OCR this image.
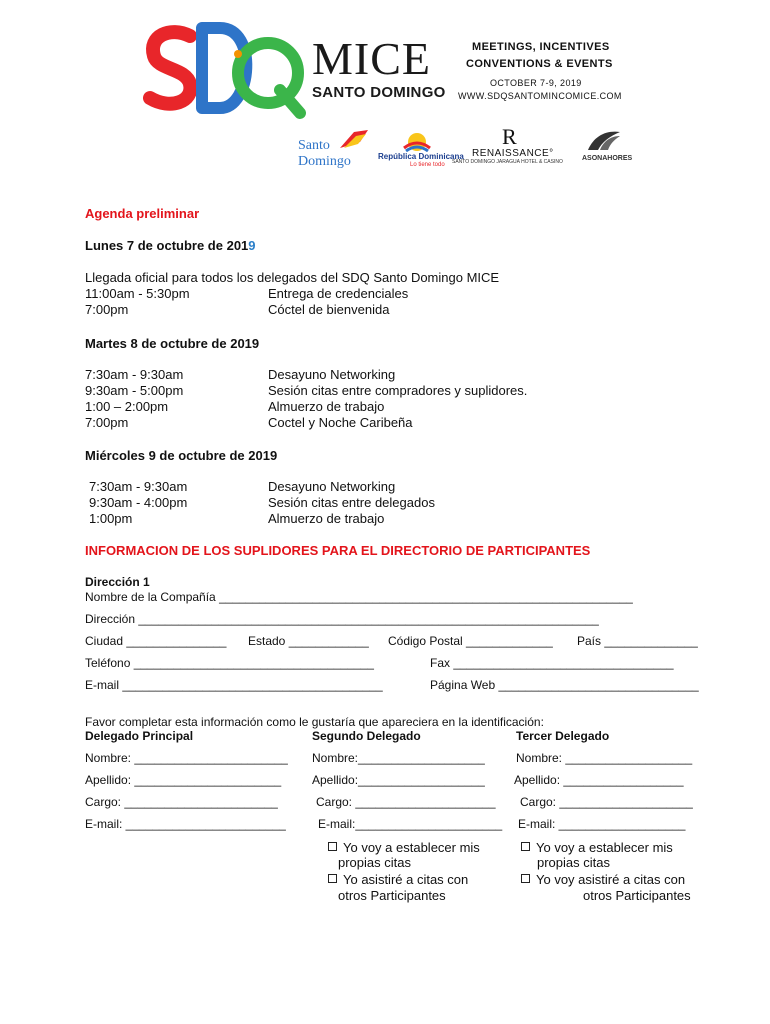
MICE
SANTO DOMINGO
MEETINGS, INCENTIVES
CONVENTIONS & EVENTS
OCTOBER 7-9, 2019
WWW.SDQSANTOMINCOMICE.COM
Santo
Domingo	República Dominicana
Lo tiene todo
R
RENAISSANCE°
SANTO DOMINGO JARAGUA HOTEL & CASINO	ASONAHORES
Agenda preliminar
Lunes 7 de octubre de 2019
Llegada oficial para todos los delegados del SDQ Santo Domingo MICE
11:00am - 5:30pm	Entrega de credenciales
7:00pm	Cóctel de bienvenida
Martes 8 de octubre de 2019
7:30am - 9:30am	Desayuno Networking
9:30am - 5:00pm	Sesión citas entre compradores y suplidores.
1:00 – 2:00pm	Almuerzo de trabajo
7:00pm	Coctel y Noche Caribeña
Miércoles 9 de octubre de 2019
7:30am - 9:30am	Desayuno Networking
9:30am - 4:00pm	Sesión citas entre delegados
1:00pm	Almuerzo de trabajo
INFORMACION DE LOS SUPLIDORES PARA EL DIRECTORIO DE PARTICIPANTES
Dirección 1
Nombre de la Compañía ______________________________________________________________
Dirección _____________________________________________________________________
Ciudad _______________ Estado ____________ Código Postal _____________ País ______________
Teléfono ____________________________________	Fax _________________________________
E-mail _______________________________________	Página Web ______________________________
Favor completar esta información como le gustaría que apareciera en la identificación:
Delegado Principal	Segundo Delegado	Tercer Delegado
Nombre: _______________________ Nombre:___________________	Nombre: ___________________
Apellido: ______________________	Apellido:___________________ Apellido: __________________
Cargo: _______________________	Cargo: _____________________ Cargo: ____________________
E-mail: ________________________	E-mail:______________________ E-mail: ___________________
Yo voy a establecer mis
propias citas
Yo asistiré a citas con
otros Participantes
Yo voy a establecer mis
propias citas
Yo voy asistiré a citas con
otros Participantes
